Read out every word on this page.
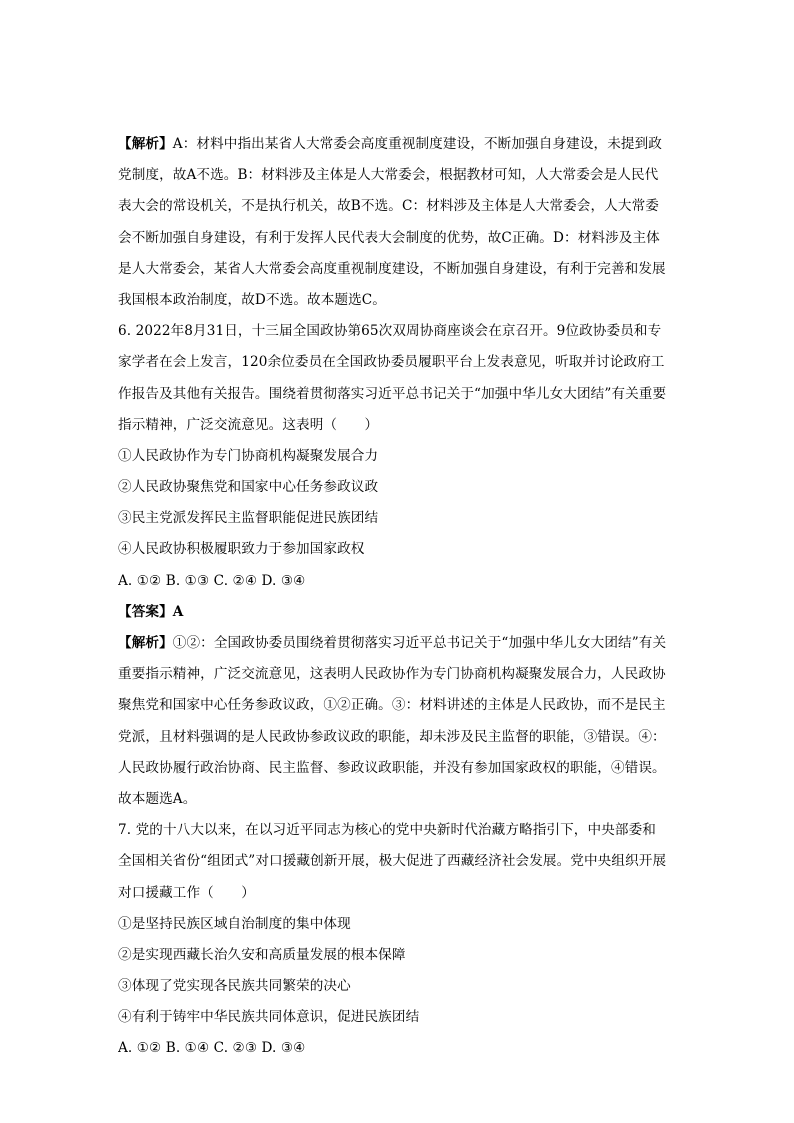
【解析】A：材料中指出某省人大常委会高度重视制度建设，不断加强自身建设，未提到政
党制度，故A不选。B：材料涉及主体是人大常委会，根据教材可知，人大常委会是人民代
表大会的常设机关，不是执行机关，故B不选。C：材料涉及主体是人大常委会，人大常委
会不断加强自身建设，有利于发挥人民代表大会制度的优势，故C正确。D：材料涉及主体
是人大常委会，某省人大常委会高度重视制度建设，不断加强自身建设，有利于完善和发展
我国根本政治制度，故D不选。故本题选C。
6. 2022年8月31日，十三届全国政协第65次双周协商座谈会在京召开。9位政协委员和专
家学者在会上发言，120余位委员在全国政协委员履职平台上发表意见，听取并讨论政府工
作报告及其他有关报告。围绕着贯彻落实习近平总书记关于“加强中华儿女大团结”有关重要
指示精神，广泛交流意见。这表明（　　）
①人民政协作为专门协商机构凝聚发展合力
②人民政协聚焦党和国家中心任务参政议政
③民主党派发挥民主监督职能促进民族团结
④人民政协积极履职致力于参加国家政权
A. ①② B. ①③ C. ②④ D. ③④
【答案】A
【解析】①②：全国政协委员围绕着贯彻落实习近平总书记关于“加强中华儿女大团结”有关
重要指示精神，广泛交流意见，这表明人民政协作为专门协商机构凝聚发展合力，人民政协
聚焦党和国家中心任务参政议政，①②正确。③：材料讲述的主体是人民政协，而不是民主
党派，且材料强调的是人民政协参政议政的职能，却未涉及民主监督的职能，③错误。④：
人民政协履行政治协商、民主监督、参政议政职能，并没有参加国家政权的职能，④错误。
故本题选A。
7. 党的十八大以来，在以习近平同志为核心的党中央新时代治藏方略指引下，中央部委和
全国相关省份“组团式”对口援藏创新开展，极大促进了西藏经济社会发展。党中央组织开展
对口援藏工作（　　）
①是坚持民族区域自治制度的集中体现
②是实现西藏长治久安和高质量发展的根本保障
③体现了党实现各民族共同繁荣的决心
④有利于铸牢中华民族共同体意识，促进民族团结
A. ①② B. ①④ C. ②③ D. ③④
